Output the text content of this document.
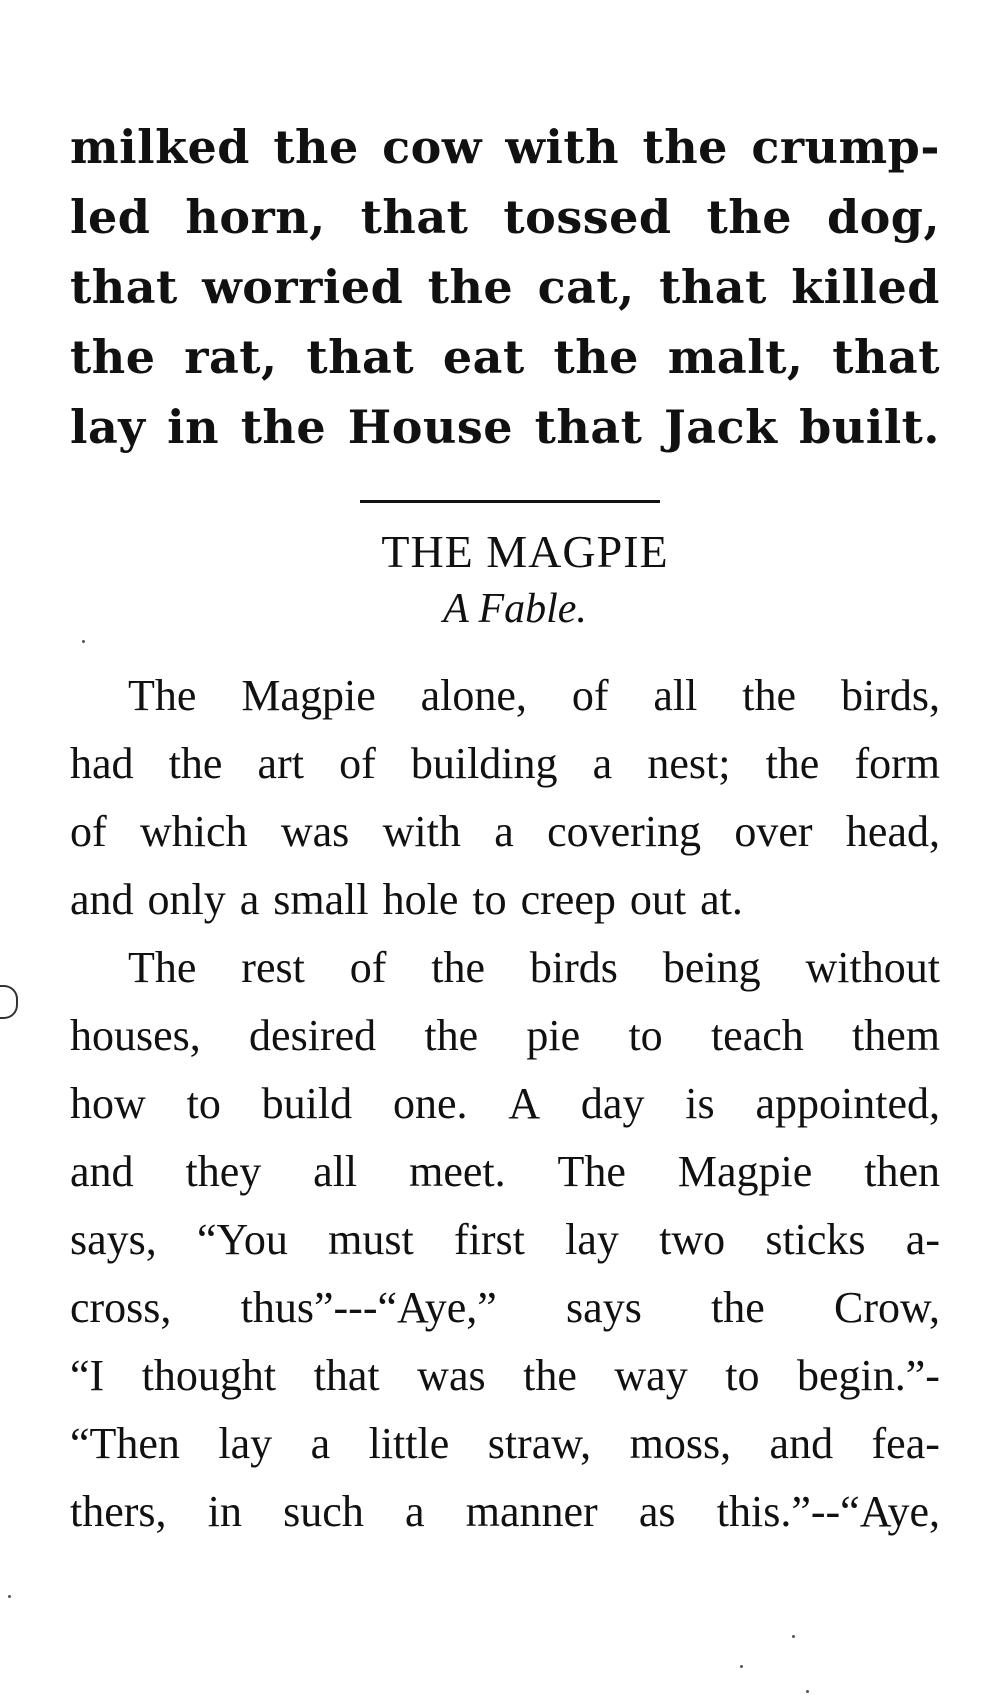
milked the cow with the crump-
led horn, that tossed the dog,
that worried the cat, that killed
the rat, that eat the malt, that
lay in the House that Jack built.
THE MAGPIE
A Fable.
The Magpie alone, of all the birds,
had the art of building a nest; the form
of which was with a covering over head,
and only a small hole to creep out at.
The rest of the birds being without
houses, desired the pie to teach them
how to build one. A day is appointed,
and they all meet. The Magpie then
says, “You must first lay two sticks a-
cross, thus”---“Aye,” says the Crow,
“I thought that was the way to begin.”-
“Then lay a little straw, moss, and fea-
thers, in such a manner as this.”--“Aye,
